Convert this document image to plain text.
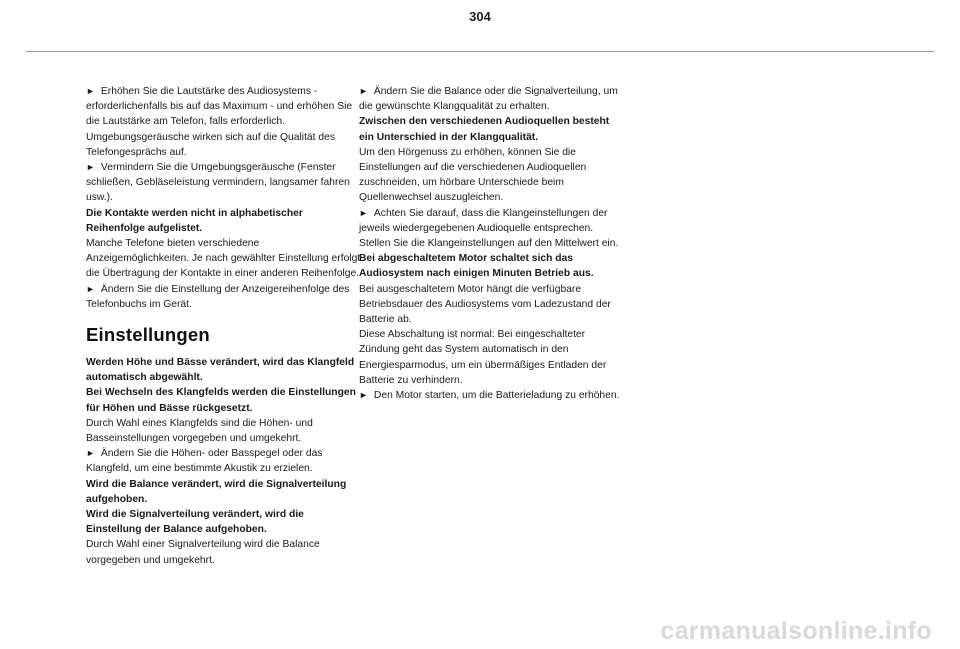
304

► Erhöhen Sie die Lautstärke des Audiosystems - erforderlichenfalls bis auf das Maximum - und erhöhen Sie die Lautstärke am Telefon, falls erforderlich.

Umgebungsgeräusche wirken sich auf die Qualität des Telefongesprächs auf.

► Vermindern Sie die Umgebungsgeräusche (Fenster schließen, Gebläseleistung vermindern, langsamer fahren usw.).

Die Kontakte werden nicht in alphabetischer Reihenfolge aufgelistet.

Manche Telefone bieten verschiedene Anzeigemöglichkeiten. Je nach gewählter Einstellung erfolgt die Übertragung der Kontakte in einer anderen Reihenfolge.

► Ändern Sie die Einstellung der Anzeigereihenfolge des Telefonbuchs im Gerät.

Einstellungen

Werden Höhe und Bässe verändert, wird das Klangfeld automatisch abgewählt.

Bei Wechseln des Klangfelds werden die Einstellungen für Höhen und Bässe rückgesetzt.

Durch Wahl eines Klangfelds sind die Höhen- und Basseinstellungen vorgegeben und umgekehrt.

► Ändern Sie die Höhen- oder Basspegel oder das Klangfeld, um eine bestimmte Akustik zu erzielen.

Wird die Balance verändert, wird die Signalverteilung aufgehoben.

Wird die Signalverteilung verändert, wird die Einstellung der Balance aufgehoben.

Durch Wahl einer Signalverteilung wird die Balance vorgegeben und umgekehrt.

► Ändern Sie die Balance oder die Signalverteilung, um die gewünschte Klangqualität zu erhalten.

Zwischen den verschiedenen Audioquellen besteht ein Unterschied in der Klangqualität.

Um den Hörgenuss zu erhöhen, können Sie die Einstellungen auf die verschiedenen Audioquellen zuschneiden, um hörbare Unterschiede beim Quellenwechsel auszugleichen.

► Achten Sie darauf, dass die Klangeinstellungen der jeweils wiedergegebenen Audioquelle entsprechen. Stellen Sie die Klangeinstellungen auf den Mittelwert ein.

Bei abgeschaltetem Motor schaltet sich das Audiosystem nach einigen Minuten Betrieb aus.

Bei ausgeschaltetem Motor hängt die verfügbare Betriebsdauer des Audiosystems vom Ladezustand der Batterie ab.

Diese Abschaltung ist normal: Bei eingeschalteter Zündung geht das System automatisch in den Energiesparmodus, um ein übermäßiges Entladen der Batterie zu verhindern.

► Den Motor starten, um die Batterieladung zu erhöhen.

carmanualsonline.info
